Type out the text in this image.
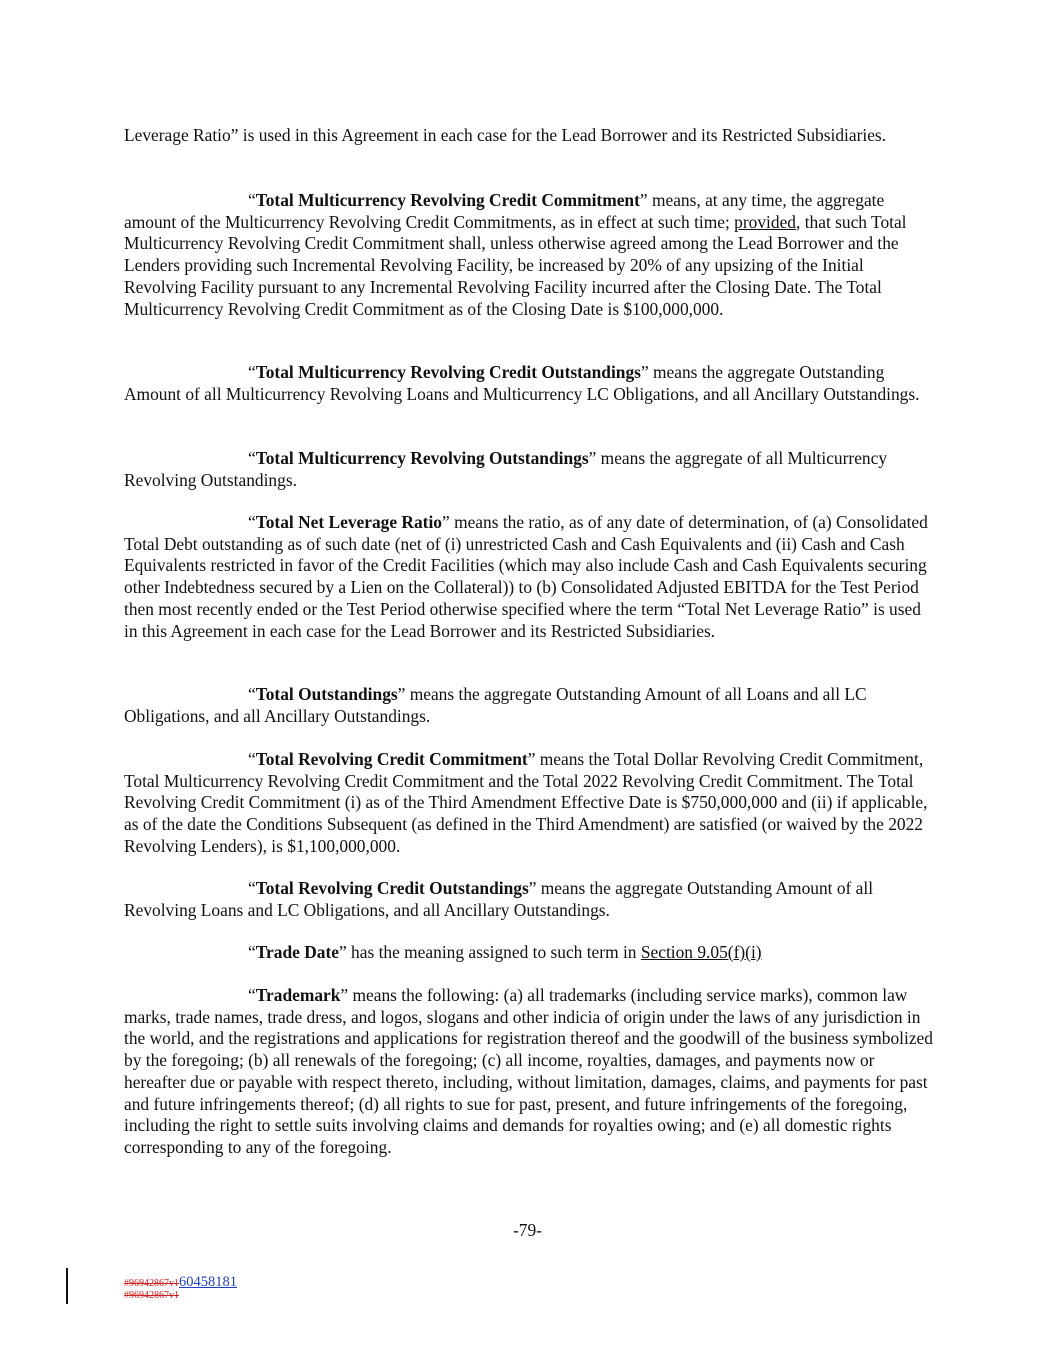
Leverage Ratio” is used in this Agreement in each case for the Lead Borrower and its Restricted Subsidiaries.

“Total Multicurrency Revolving Credit Commitment” means, at any time, the aggregate amount of the Multicurrency Revolving Credit Commitments, as in effect at such time; provided, that such Total Multicurrency Revolving Credit Commitment shall, unless otherwise agreed among the Lead Borrower and the Lenders providing such Incremental Revolving Facility, be increased by 20% of any upsizing of the Initial Revolving Facility pursuant to any Incremental Revolving Facility incurred after the Closing Date. The Total Multicurrency Revolving Credit Commitment as of the Closing Date is $100,000,000.

“Total Multicurrency Revolving Credit Outstandings” means the aggregate Outstanding Amount of all Multicurrency Revolving Loans and Multicurrency LC Obligations, and all Ancillary Outstandings.

“Total Multicurrency Revolving Outstandings” means the aggregate of all Multicurrency Revolving Outstandings.

“Total Net Leverage Ratio” means the ratio, as of any date of determination, of (a) Consolidated Total Debt outstanding as of such date (net of (i) unrestricted Cash and Cash Equivalents and (ii) Cash and Cash Equivalents restricted in favor of the Credit Facilities (which may also include Cash and Cash Equivalents securing other Indebtedness secured by a Lien on the Collateral)) to (b) Consolidated Adjusted EBITDA for the Test Period then most recently ended or the Test Period otherwise specified where the term “Total Net Leverage Ratio” is used in this Agreement in each case for the Lead Borrower and its Restricted Subsidiaries.

“Total Outstandings” means the aggregate Outstanding Amount of all Loans and all LC Obligations, and all Ancillary Outstandings.

“Total Revolving Credit Commitment” means the Total Dollar Revolving Credit Commitment, Total Multicurrency Revolving Credit Commitment and the Total 2022 Revolving Credit Commitment. The Total Revolving Credit Commitment (i) as of the Third Amendment Effective Date is $750,000,000 and (ii) if applicable, as of the date the Conditions Subsequent (as defined in the Third Amendment) are satisfied (or waived by the 2022 Revolving Lenders), is $1,100,000,000.

“Total Revolving Credit Outstandings” means the aggregate Outstanding Amount of all Revolving Loans and LC Obligations, and all Ancillary Outstandings.

“Trade Date” has the meaning assigned to such term in Section 9.05(f)(i)

“Trademark” means the following: (a) all trademarks (including service marks), common law marks, trade names, trade dress, and logos, slogans and other indicia of origin under the laws of any jurisdiction in the world, and the registrations and applications for registration thereof and the goodwill of the business symbolized by the foregoing; (b) all renewals of the foregoing; (c) all income, royalties, damages, and payments now or hereafter due or payable with respect thereto, including, without limitation, damages, claims, and payments for past and future infringements thereof; (d) all rights to sue for past, present, and future infringements of the foregoing, including the right to settle suits involving claims and demands for royalties owing; and (e) all domestic rights corresponding to any of the foregoing.

-79-
#96942867v160458181
#96942867v1
